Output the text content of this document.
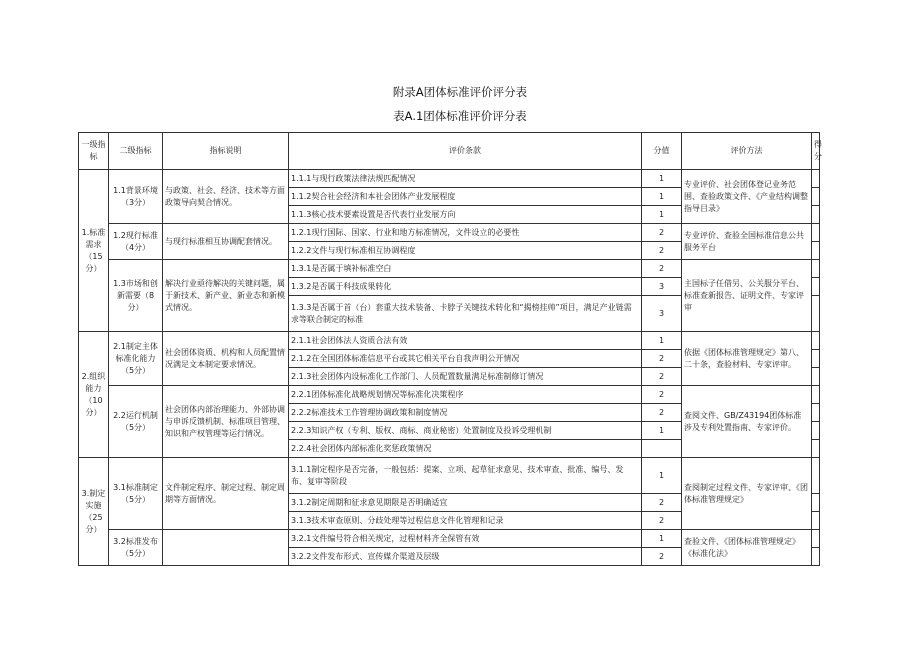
附录A团体标准评价评分表
表A.1团体标准评价评分表
一级指标	二级指标	指标说明	评价条款	分值	评价方法	得分
1.标准需求（15分）	1.1背景环境（3分）	与政策、社会、经济、技术等方面政策导向契合情况。	1.1.1与现行政策法律法规匹配情况	1	专业评价、社会团体登记业务范围、查验政策文件、《产业结构调整指导目录》	
			1.1.2契合社会经济和本社会团体产业发展程度	1		
			1.1.3核心技术要素设置是否代表行业发展方向	1		
	1.2现行标准（4分）	与现行标准相互协调配套情况。	1.2.1现行国际、国家、行业和地方标准情况，文件设立的必要性	2	专业评价、查验全国标准信息公共服务平台	
			1.2.2文件与现行标准相互协调程度	2		
	1.3市场和创新需要（8分）	解决行业亟待解决的关键问题，属于新技术、新产业、新业态和新模式情况。	1.3.1是否属于填补标准空白	2	主国标子任借另、公关服分平台、标准查新报告、证明文件、专家评审	
			1.3.2是否属于科技成果转化	3		
			1.3.3是否属于首（台）套重大技术装备、卡脖子关键技术转化和“揭榜挂帅”项目，满足产业链需求等联合制定的标准	3		
2.组织能力（10分）	2.1制定主体标准化能力（5分）	社会团体资质、机构和人员配置情况满足文本制定要求情况。	2.1.1社会团体法人资质合法有效	1	依据《团体标准管理规定》第八、二十条，查验材料、专家评审。	
			2.1.2在全国团体标准信息平台或其它相关平台自我声明公开情况	2		
			2.1.3社会团体内设标准化工作部门、人员配置数量满足标准制修订情况	2		
	2.2运行机制（5分）	社会团体内部治理能力、外部协调与申诉反馈机制、标准项目管理、知识和产权管理等运行情况。	2.2.1团体标准化战略规划情况等标准化决策程序	2	查阅文件、GB/Z43194团体标准涉及专利处置指南、专家评价。	
			2.2.2标准技术工作管理协调政策和制度情况	2		
			2.2.3知识产权（专利、版权、商标、商业秘密）处置制度及投诉受理机制	1		
			2.2.4社会团体内部标准化奖惩政策情况			
3.制定实施（25分）	3.1标准制定（5分）	文件制定程序、制定过程、制定周期等方面情况。	3.1.1制定程序是否完备，一般包括：提案、立项、起草征求意见、技术审查、批准、编号、发布、复审等阶段	1	查阅制定过程文件、专家评审、《团体标准管理规定》	
			3.1.2制定周期和征求意见期限是否明确适宜	2		
			3.1.3技术审查原则、分歧处理等过程信息文件化管理和记录	2		
	3.2标准发布（5分）		3.2.1文件编号符合相关规定，过程材料齐全保管有效	1	查验文件、《团体标准管理规定》《标准化法》	
			3.2.2文件发布形式、宣传媒介渠道及层级	2		
